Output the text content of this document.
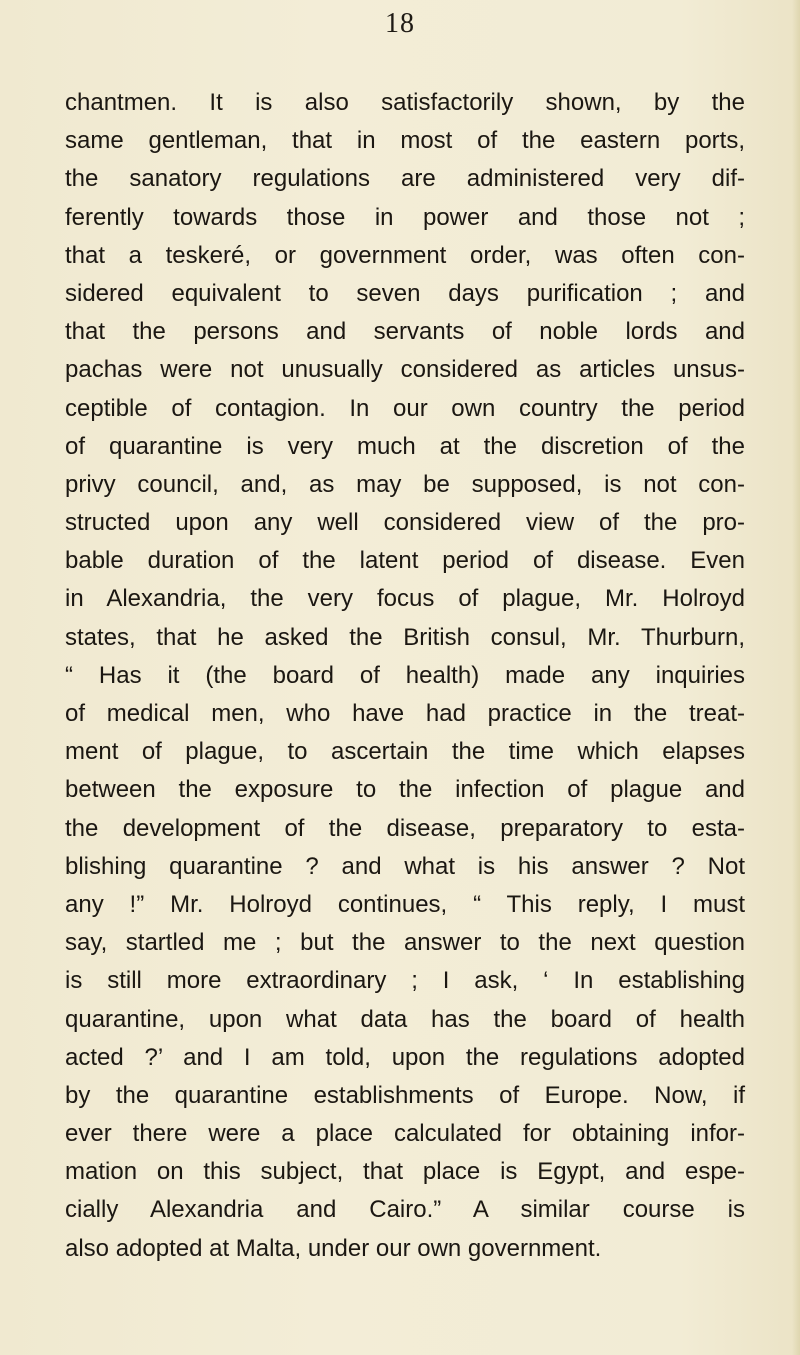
18
chantmen. It is also satisfactorily shown, by the
same gentleman, that in most of the eastern ports,
the sanatory regulations are administered very dif-
ferently towards those in power and those not ;
that a teskeré, or government order, was often con-
sidered equivalent to seven days purification ; and
that the persons and servants of noble lords and
pachas were not unusually considered as articles unsus-
ceptible of contagion. In our own country the period
of quarantine is very much at the discretion of the
privy council, and, as may be supposed, is not con-
structed upon any well considered view of the pro-
bable duration of the latent period of disease. Even
in Alexandria, the very focus of plague, Mr. Holroyd
states, that he asked the British consul, Mr. Thurburn,
“ Has it (the board of health) made any inquiries
of medical men, who have had practice in the treat-
ment of plague, to ascertain the time which elapses
between the exposure to the infection of plague and
the development of the disease, preparatory to esta-
blishing quarantine ? and what is his answer ? Not
any !” Mr. Holroyd continues, “ This reply, I must
say, startled me ; but the answer to the next question
is still more extraordinary ; I ask, ‘ In establishing
quarantine, upon what data has the board of health
acted ?’ and I am told, upon the regulations adopted
by the quarantine establishments of Europe. Now, if
ever there were a place calculated for obtaining infor-
mation on this subject, that place is Egypt, and espe-
cially Alexandria and Cairo.” A similar course is
also adopted at Malta, under our own government.
